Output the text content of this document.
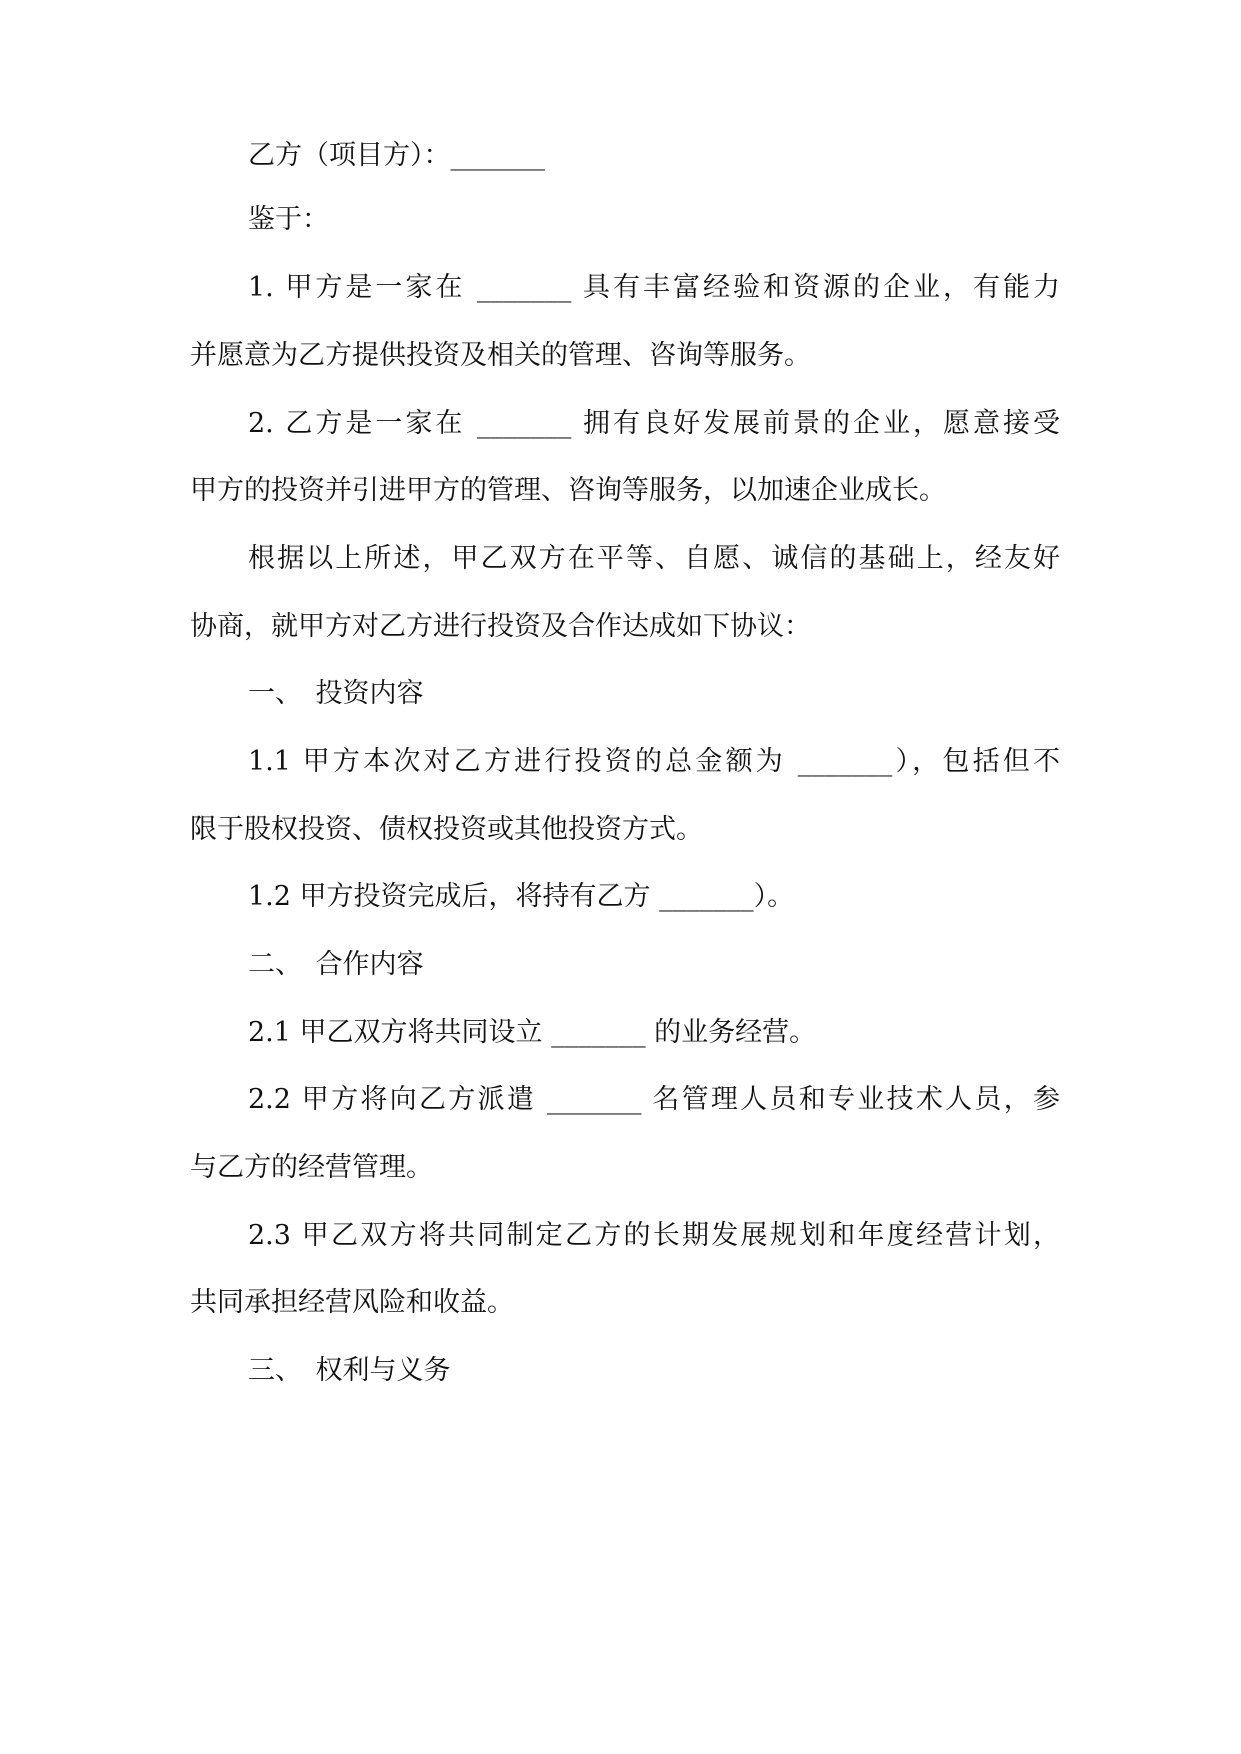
乙方（项目方）：_______
鉴于：
1. 甲方是一家在 _______ 具有丰富经验和资源的企业，有能力
并愿意为乙方提供投资及相关的管理、咨询等服务。
2. 乙方是一家在 _______ 拥有良好发展前景的企业，愿意接受
甲方的投资并引进甲方的管理、咨询等服务，以加速企业成长。
根据以上所述，甲乙双方在平等、自愿、诚信的基础上，经友好
协商，就甲方对乙方进行投资及合作达成如下协议：
一、　投资内容
1.1 甲方本次对乙方进行投资的总金额为 _______），包括但不
限于股权投资、债权投资或其他投资方式。
1.2 甲方投资完成后，将持有乙方 _______）。
二、　合作内容
2.1 甲乙双方将共同设立 _______ 的业务经营。
2.2 甲方将向乙方派遣 _______ 名管理人员和专业技术人员，参
与乙方的经营管理。
2.3 甲乙双方将共同制定乙方的长期发展规划和年度经营计划，
共同承担经营风险和收益。
三、　权利与义务
